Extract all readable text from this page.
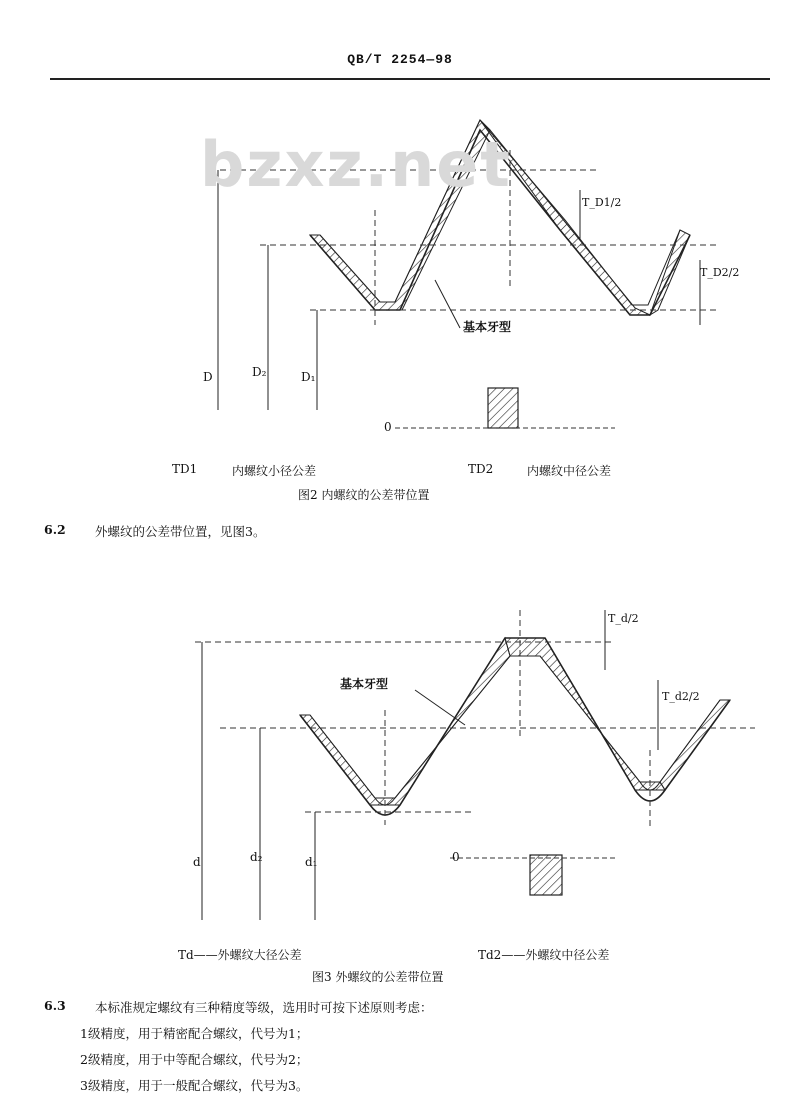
QB/T 2254—98
基本牙型
D	D₂	D₁
T_D1/2
T_D2/2
0
TD1	内螺纹小径公差	TD2	内螺纹中径公差
图2 内螺纹的公差带位置
6.2 外螺纹的公差带位置，见图3。
基本牙型
d	d₂	d₁
T_d/2
T_d2/2
0
Td——外螺纹大径公差	Td2——外螺纹中径公差
图3 外螺纹的公差带位置
6.3 本标准规定螺纹有三种精度等级，选用时可按下述原则考虑：
1级精度，用于精密配合螺纹，代号为1；
2级精度，用于中等配合螺纹，代号为2；
3级精度，用于一般配合螺纹，代号为3。
bzxz.net
